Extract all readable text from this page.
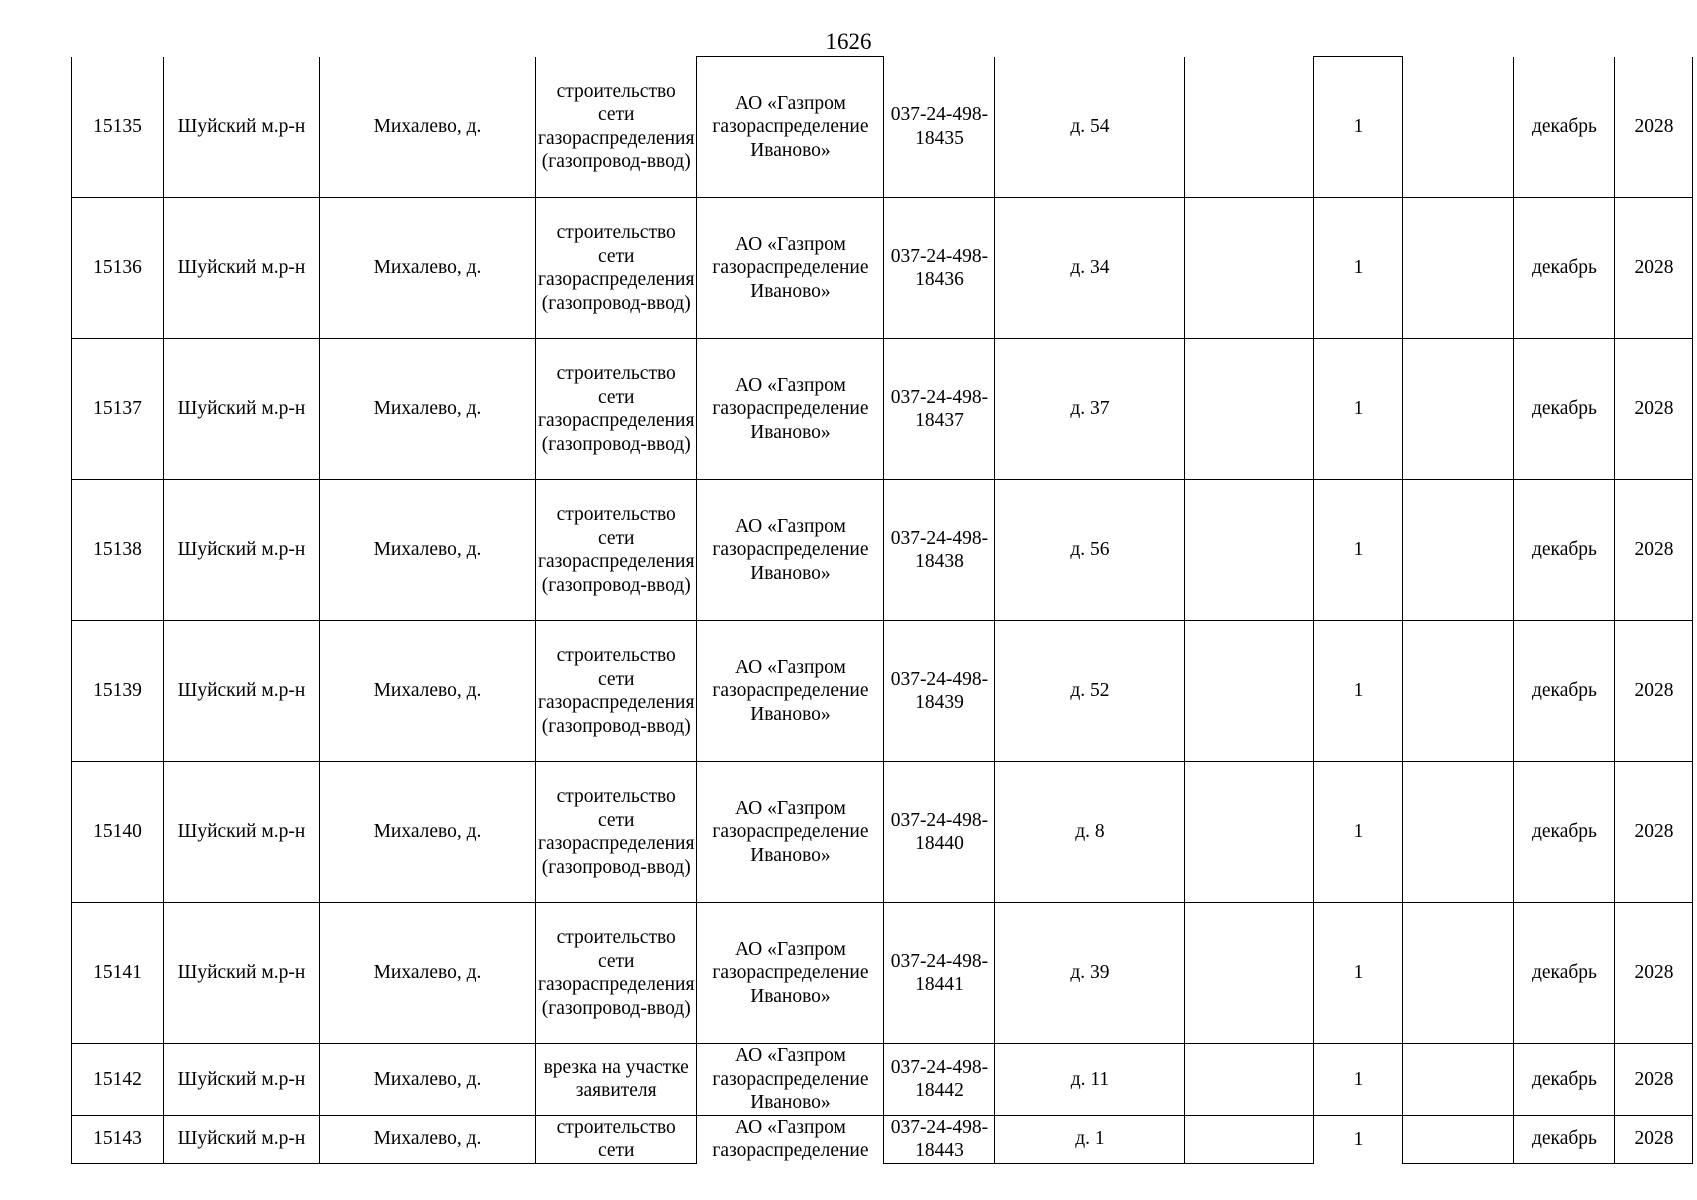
1626
15135	Шуйский м.р-н	Михалево, д.	строительство сети газораспределения (газопровод-ввод)	АО «Газпром газораспределение Иваново»	037-24-498-18435	д. 54		1		декабрь	2028
15136	Шуйский м.р-н	Михалево, д.	строительство сети газораспределения (газопровод-ввод)	АО «Газпром газораспределение Иваново»	037-24-498-18436	д. 34		1		декабрь	2028
15137	Шуйский м.р-н	Михалево, д.	строительство сети газораспределения (газопровод-ввод)	АО «Газпром газораспределение Иваново»	037-24-498-18437	д. 37		1		декабрь	2028
15138	Шуйский м.р-н	Михалево, д.	строительство сети газораспределения (газопровод-ввод)	АО «Газпром газораспределение Иваново»	037-24-498-18438	д. 56		1		декабрь	2028
15139	Шуйский м.р-н	Михалево, д.	строительство сети газораспределения (газопровод-ввод)	АО «Газпром газораспределение Иваново»	037-24-498-18439	д. 52		1		декабрь	2028
15140	Шуйский м.р-н	Михалево, д.	строительство сети газораспределения (газопровод-ввод)	АО «Газпром газораспределение Иваново»	037-24-498-18440	д. 8		1		декабрь	2028
15141	Шуйский м.р-н	Михалево, д.	строительство сети газораспределения (газопровод-ввод)	АО «Газпром газораспределение Иваново»	037-24-498-18441	д. 39		1		декабрь	2028
15142	Шуйский м.р-н	Михалево, д.	врезка на участке заявителя	АО «Газпром газораспределение Иваново»	037-24-498-18442	д. 11		1		декабрь	2028
15143	Шуйский м.р-н	Михалево, д.	строительство сети	АО «Газпром газораспределение	037-24-498-18443	д. 1		1		декабрь	2028
